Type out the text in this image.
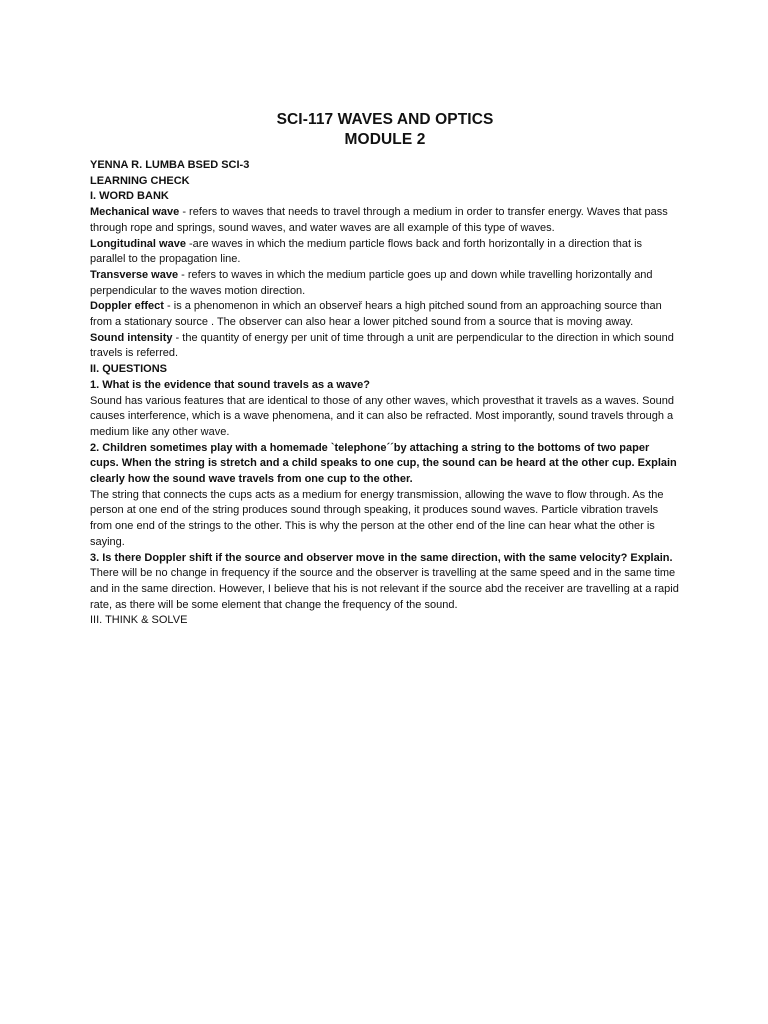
SCI-117 WAVES AND OPTICS
MODULE 2
YENNA R. LUMBA BSED SCI-3
LEARNING CHECK
I. WORD BANK
Mechanical wave - refers to waves that needs to travel through a medium in order to transfer energy. Waves that pass through rope and springs, sound waves, and water waves are all example of this type of waves.
Longitudinal wave -are waves in which the medium particle flows back and forth horizontally in a direction that is parallel to the propagation line.
Transverse wave - refers to waves in which the medium particle goes up and down while travelling horizontally and perpendicular to the waves motion direction.
Doppler effect - is a phenomenon in which an observeř hears a high pitched sound from an approaching source than from a stationary source . The observer can also hear a lower pitched sound from a source that is moving away.
Sound intensity - the quantity of energy per unit of time through a unit are perpendicular to the direction in which sound travels is referred.
II. QUESTIONS
1. What is the evidence that sound travels as a wave?
Sound has various features that are identical to those of any other waves, which provesthat it travels as a waves. Sound causes interference, which is a wave phenomena, and it can also be refracted. Most imporantly, sound travels through a medium like any other wave.
2. Children sometimes play with a homemade `telephone´´by attaching a string to the bottoms of two paper cups. When the string is stretch and a child speaks to one cup, the sound can be heard at the other cup. Explain clearly how the sound wave travels from one cup to the other.
The string that connects the cups acts as a medium for energy transmission, allowing the wave to flow through. As the person at one end of the string produces sound through speaking, it produces sound waves. Particle vibration travels from one end of the strings to the other. This is why the person at the other end of the line can hear what the other is saying.
3. Is there Doppler shift if the source and observer move in the same direction, with the same velocity? Explain.
There will be no change in frequency if the source and the observer is travelling at the same speed and in the same time and in the same direction. However, I believe that his is not relevant if the source abd the receiver are travelling at a rapid rate, as there will be some element that change the frequency of the sound.
III. THINK & SOLVE
